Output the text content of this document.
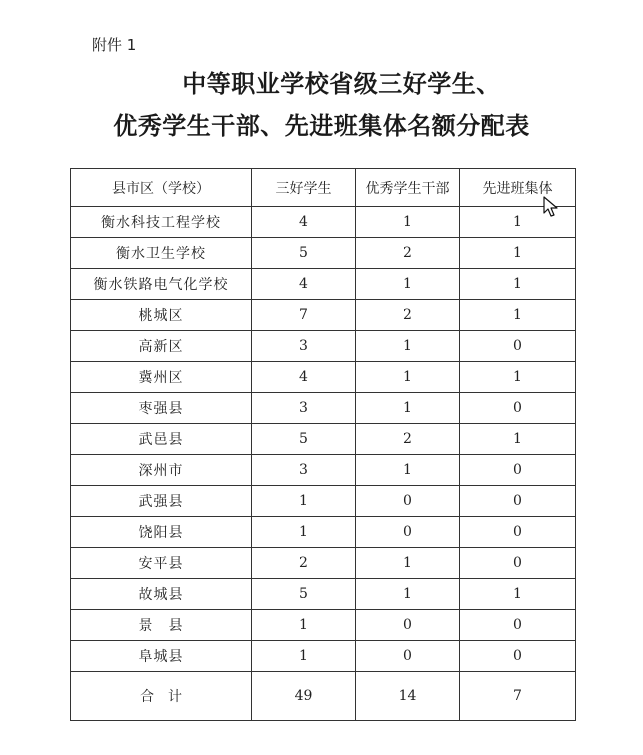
附件 1
中等职业学校省级三好学生、
优秀学生干部、先进班集体名额分配表
县市区（学校）	三好学生	优秀学生干部	先进班集体
衡水科技工程学校	4	1	1
衡水卫生学校	5	2	1
衡水铁路电气化学校	4	1	1
桃城区	7	2	1
高新区	3	1	0
冀州区	4	1	1
枣强县	3	1	0
武邑县	5	2	1
深州市	3	1	0
武强县	1	0	0
饶阳县	1	0	0
安平县	2	1	0
故城县	5	1	1
景　县	1	0	0
阜城县	1	0	0
合　计	49	14	7
